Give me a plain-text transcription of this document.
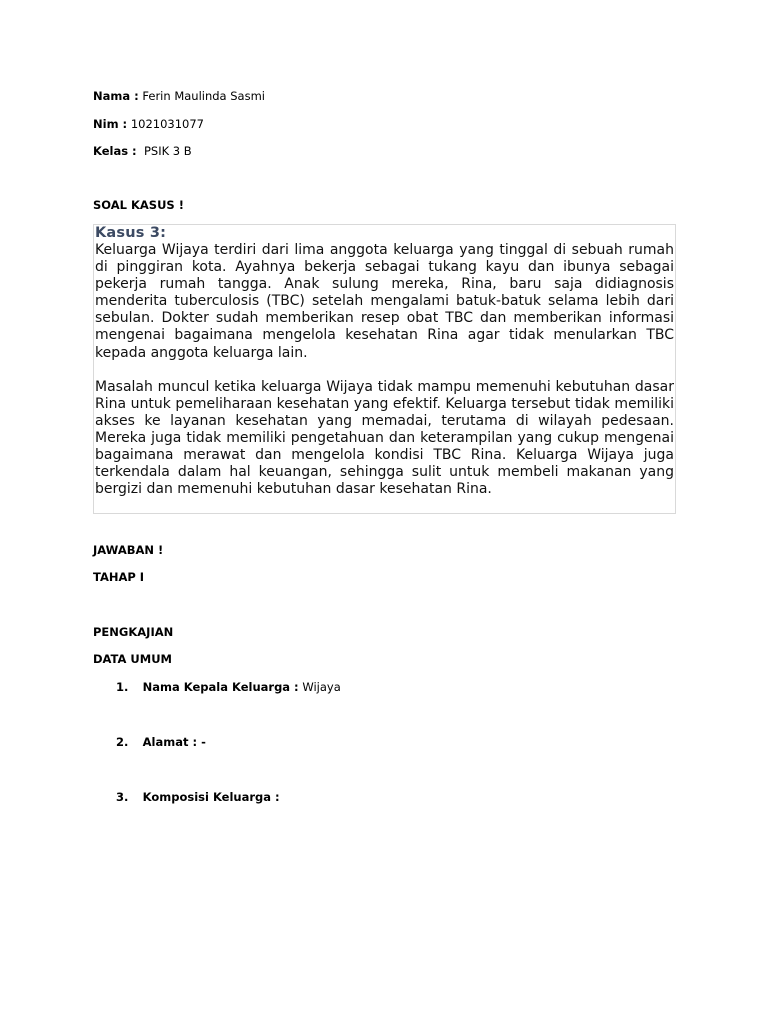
Nama : Ferin Maulinda Sasmi
Nim : 1021031077
Kelas : PSIK 3 B
SOAL KASUS !
Kasus 3:

Keluarga Wijaya terdiri dari lima anggota keluarga yang tinggal di sebuah rumah di pinggiran kota. Ayahnya bekerja sebagai tukang kayu dan ibunya sebagai pekerja rumah tangga. Anak sulung mereka, Rina, baru saja didiagnosis menderita tuberculosis (TBC) setelah mengalami batuk-batuk selama lebih dari sebulan. Dokter sudah memberikan resep obat TBC dan memberikan informasi mengenai bagaimana mengelola kesehatan Rina agar tidak menularkan TBC kepada anggota keluarga lain.

Masalah muncul ketika keluarga Wijaya tidak mampu memenuhi kebutuhan dasar Rina untuk pemeliharaan kesehatan yang efektif. Keluarga tersebut tidak memiliki akses ke layanan kesehatan yang memadai, terutama di wilayah pedesaan. Mereka juga tidak memiliki pengetahuan dan keterampilan yang cukup mengenai bagaimana merawat dan mengelola kondisi TBC Rina. Keluarga Wijaya juga terkendala dalam hal keuangan, sehingga sulit untuk membeli makanan yang bergizi dan memenuhi kebutuhan dasar kesehatan Rina.

JAWABAN !
TAHAP I
PENGKAJIAN
DATA UMUM
1. Nama Kepala Keluarga : Wijaya
2. Alamat : -
3. Komposisi Keluarga :
